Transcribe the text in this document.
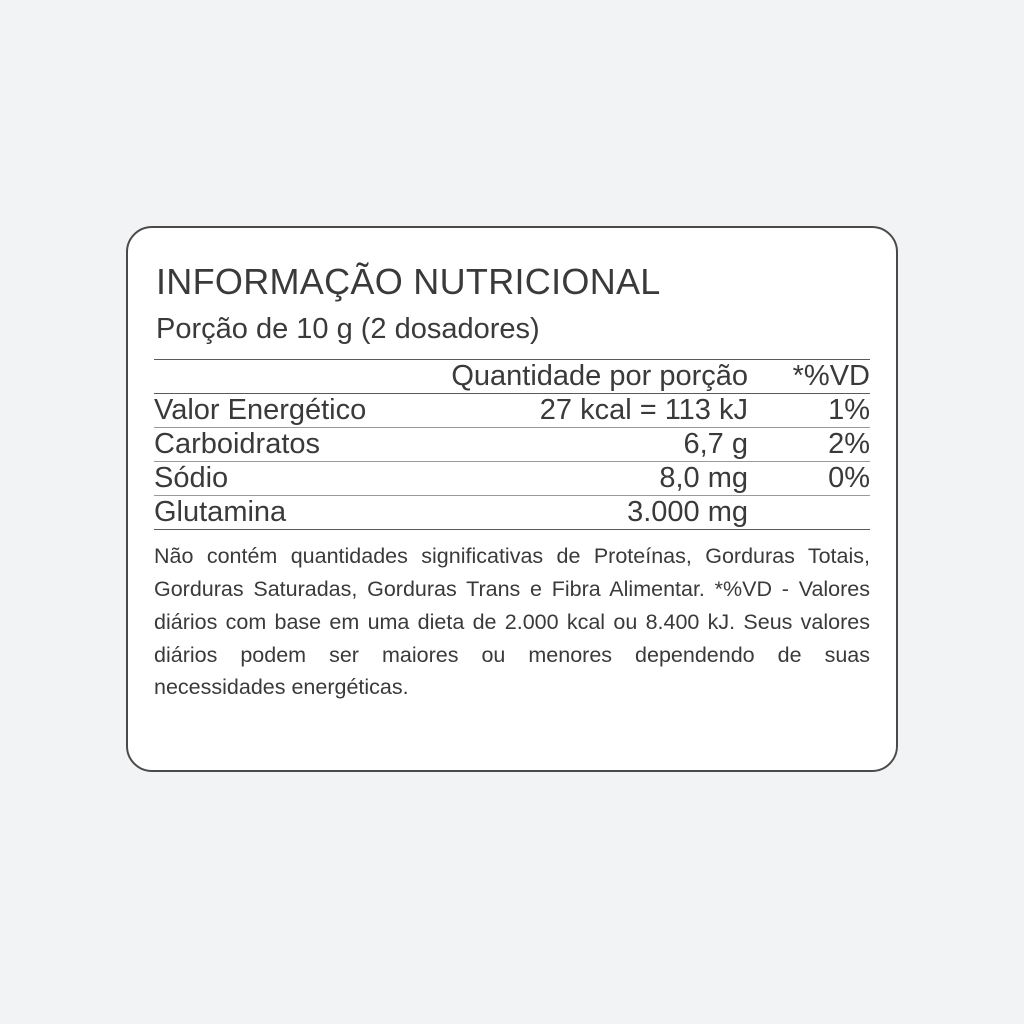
INFORMAÇÃO NUTRICIONAL
Porção de 10 g (2 dosadores)
	Quantidade por porção	*%VD
Valor Energético	27 kcal = 113 kJ	1%
Carboidratos	6,7 g	2%
Sódio	8,0 mg	0%
Glutamina	3.000 mg	

Não contém quantidades significativas de Proteínas, Gorduras Totais, Gorduras Saturadas, Gorduras Trans e Fibra Alimentar. *%VD - Valores diários com base em uma dieta de 2.000 kcal ou 8.400 kJ. Seus valores diários podem ser maiores ou menores dependendo de suas necessidades energéticas.
